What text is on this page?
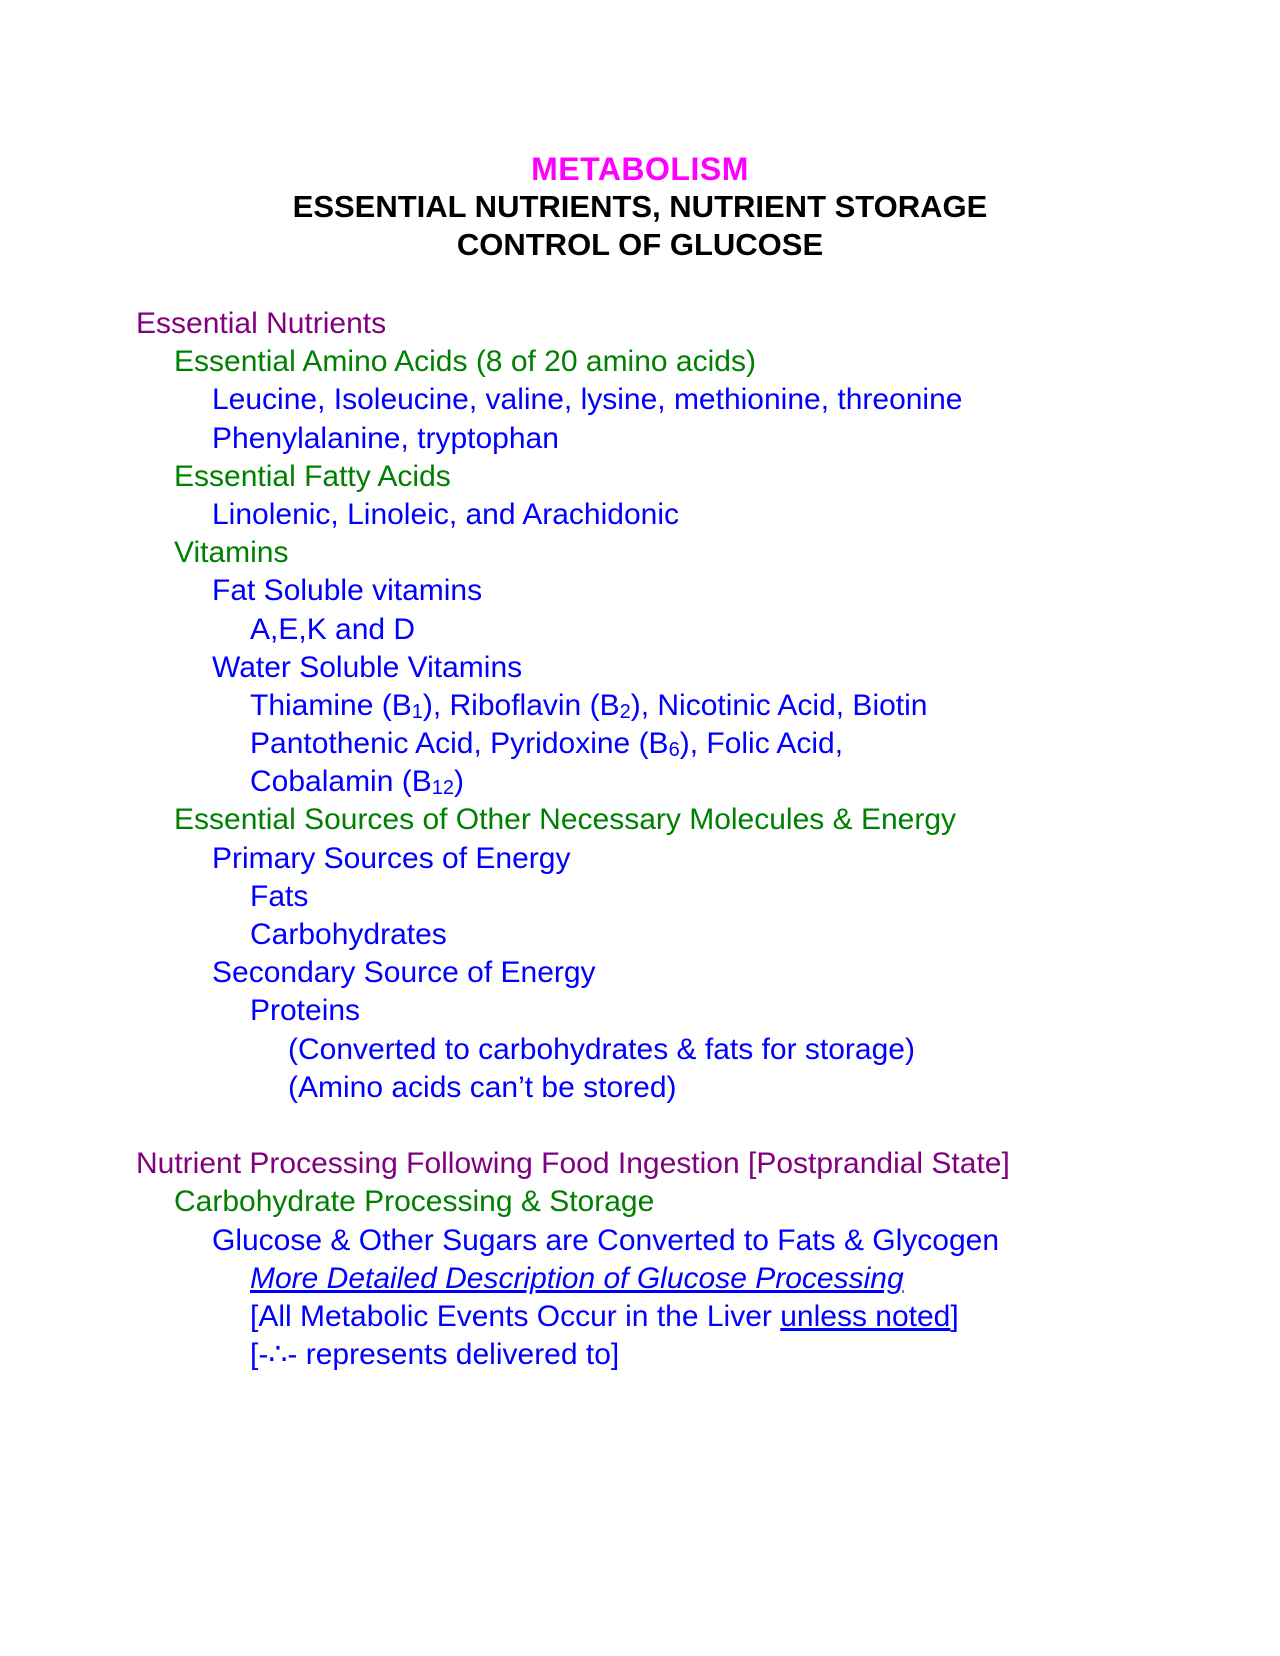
METABOLISM
ESSENTIAL NUTRIENTS, NUTRIENT STORAGE
CONTROL OF GLUCOSE
Essential Nutrients
Essential Amino Acids (8 of 20 amino acids)
Leucine, Isoleucine, valine, lysine, methionine, threonine
Phenylalanine, tryptophan
Essential Fatty Acids
Linolenic, Linoleic, and Arachidonic
Vitamins
Fat Soluble vitamins
A,E,K and D
Water Soluble Vitamins
Thiamine $(B_1)$, Riboflavin $(B_2)$, Nicotinic Acid, Biotin
Pantothenic Acid, Pyridoxine $(B_6)$, Folic Acid,
Cobalamin $(B_{12})$
Essential Sources of Other Necessary Molecules & Energy
Primary Sources of Energy
Fats
Carbohydrates
Secondary Source of Energy
Proteins
(Converted to carbohydrates & fats for storage)
(Amino acids can’t be stored)
Nutrient Processing Following Food Ingestion [Postprandial State]
Carbohydrate Processing & Storage
Glucose & Other Sugars are Converted to Fats & Glycogen
More Detailed Description of Glucose Processing
[All Metabolic Events Occur in the Liver unless noted]
[-∴- represents delivered to]
